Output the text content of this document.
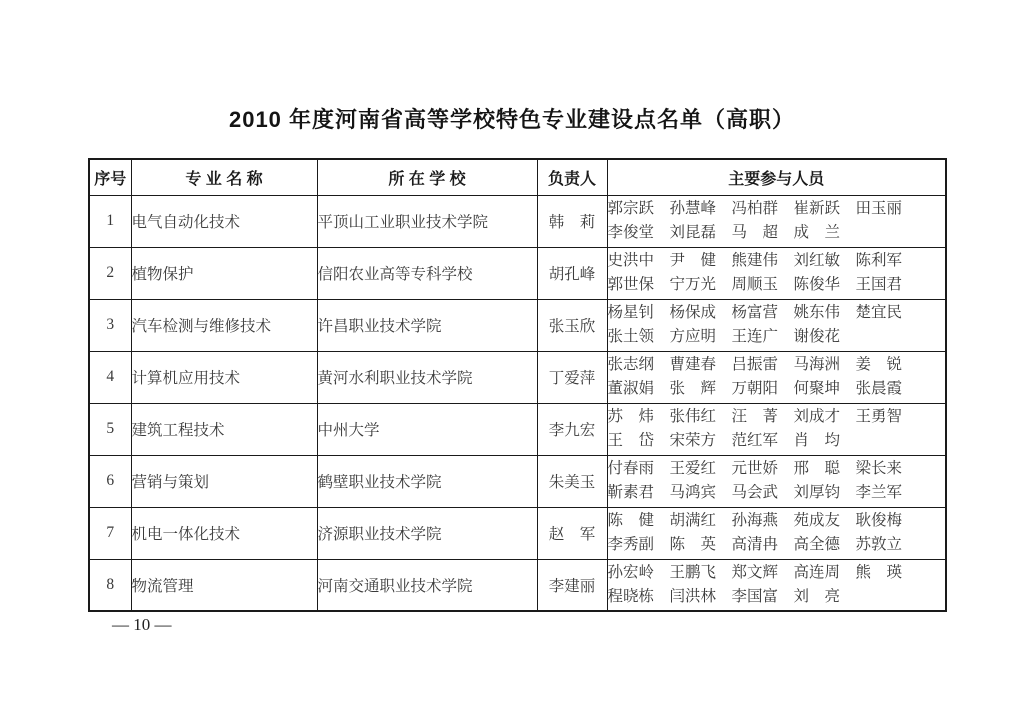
2010 年度河南省高等学校特色专业建设点名单（高职）
序号	专 业 名 称	所 在 学 校	负责人	主要参与人员
1	电气自动化技术	平顶山工业职业技术学院	韩　莉	郭宗跃　孙慧峰　冯柏群　崔新跃　田玉丽
李俊堂　刘昆磊　马　超　成　兰

2	植物保护	信阳农业高等专科学校	胡孔峰	史洪中　尹　健　熊建伟　刘红敏　陈利军
郭世保　宁万光　周顺玉　陈俊华　王国君

3	汽车检测与维修技术	许昌职业技术学院	张玉欣	杨星钊　杨保成　杨富营　姚东伟　楚宜民
张土领　方应明　王连广　谢俊花

4	计算机应用技术	黄河水利职业技术学院	丁爱萍	张志纲　曹建春　吕振雷　马海洲　姜　锐
董淑娟　张　辉　万朝阳　何聚坤　张晨霞

5	建筑工程技术	中州大学	李九宏	苏　炜　张伟红　汪　菁　刘成才　王勇智
王　岱　宋荣方　范红军　肖　均

6	营销与策划	鹤壁职业技术学院	朱美玉	付春雨　王爱红　元世娇　邢　聪　梁长来
靳素君　马鸿宾　马会武　刘厚钧　李兰军

7	机电一体化技术	济源职业技术学院	赵　军	陈　健　胡满红　孙海燕　苑成友　耿俊梅
李秀副　陈　英　高清冉　高全德　苏敦立

8	物流管理	河南交通职业技术学院	李建丽	孙宏岭　王鹏飞　郑文辉　高连周　熊　瑛
程晓栋　闫洪林　李国富　刘　亮
— 10 —
